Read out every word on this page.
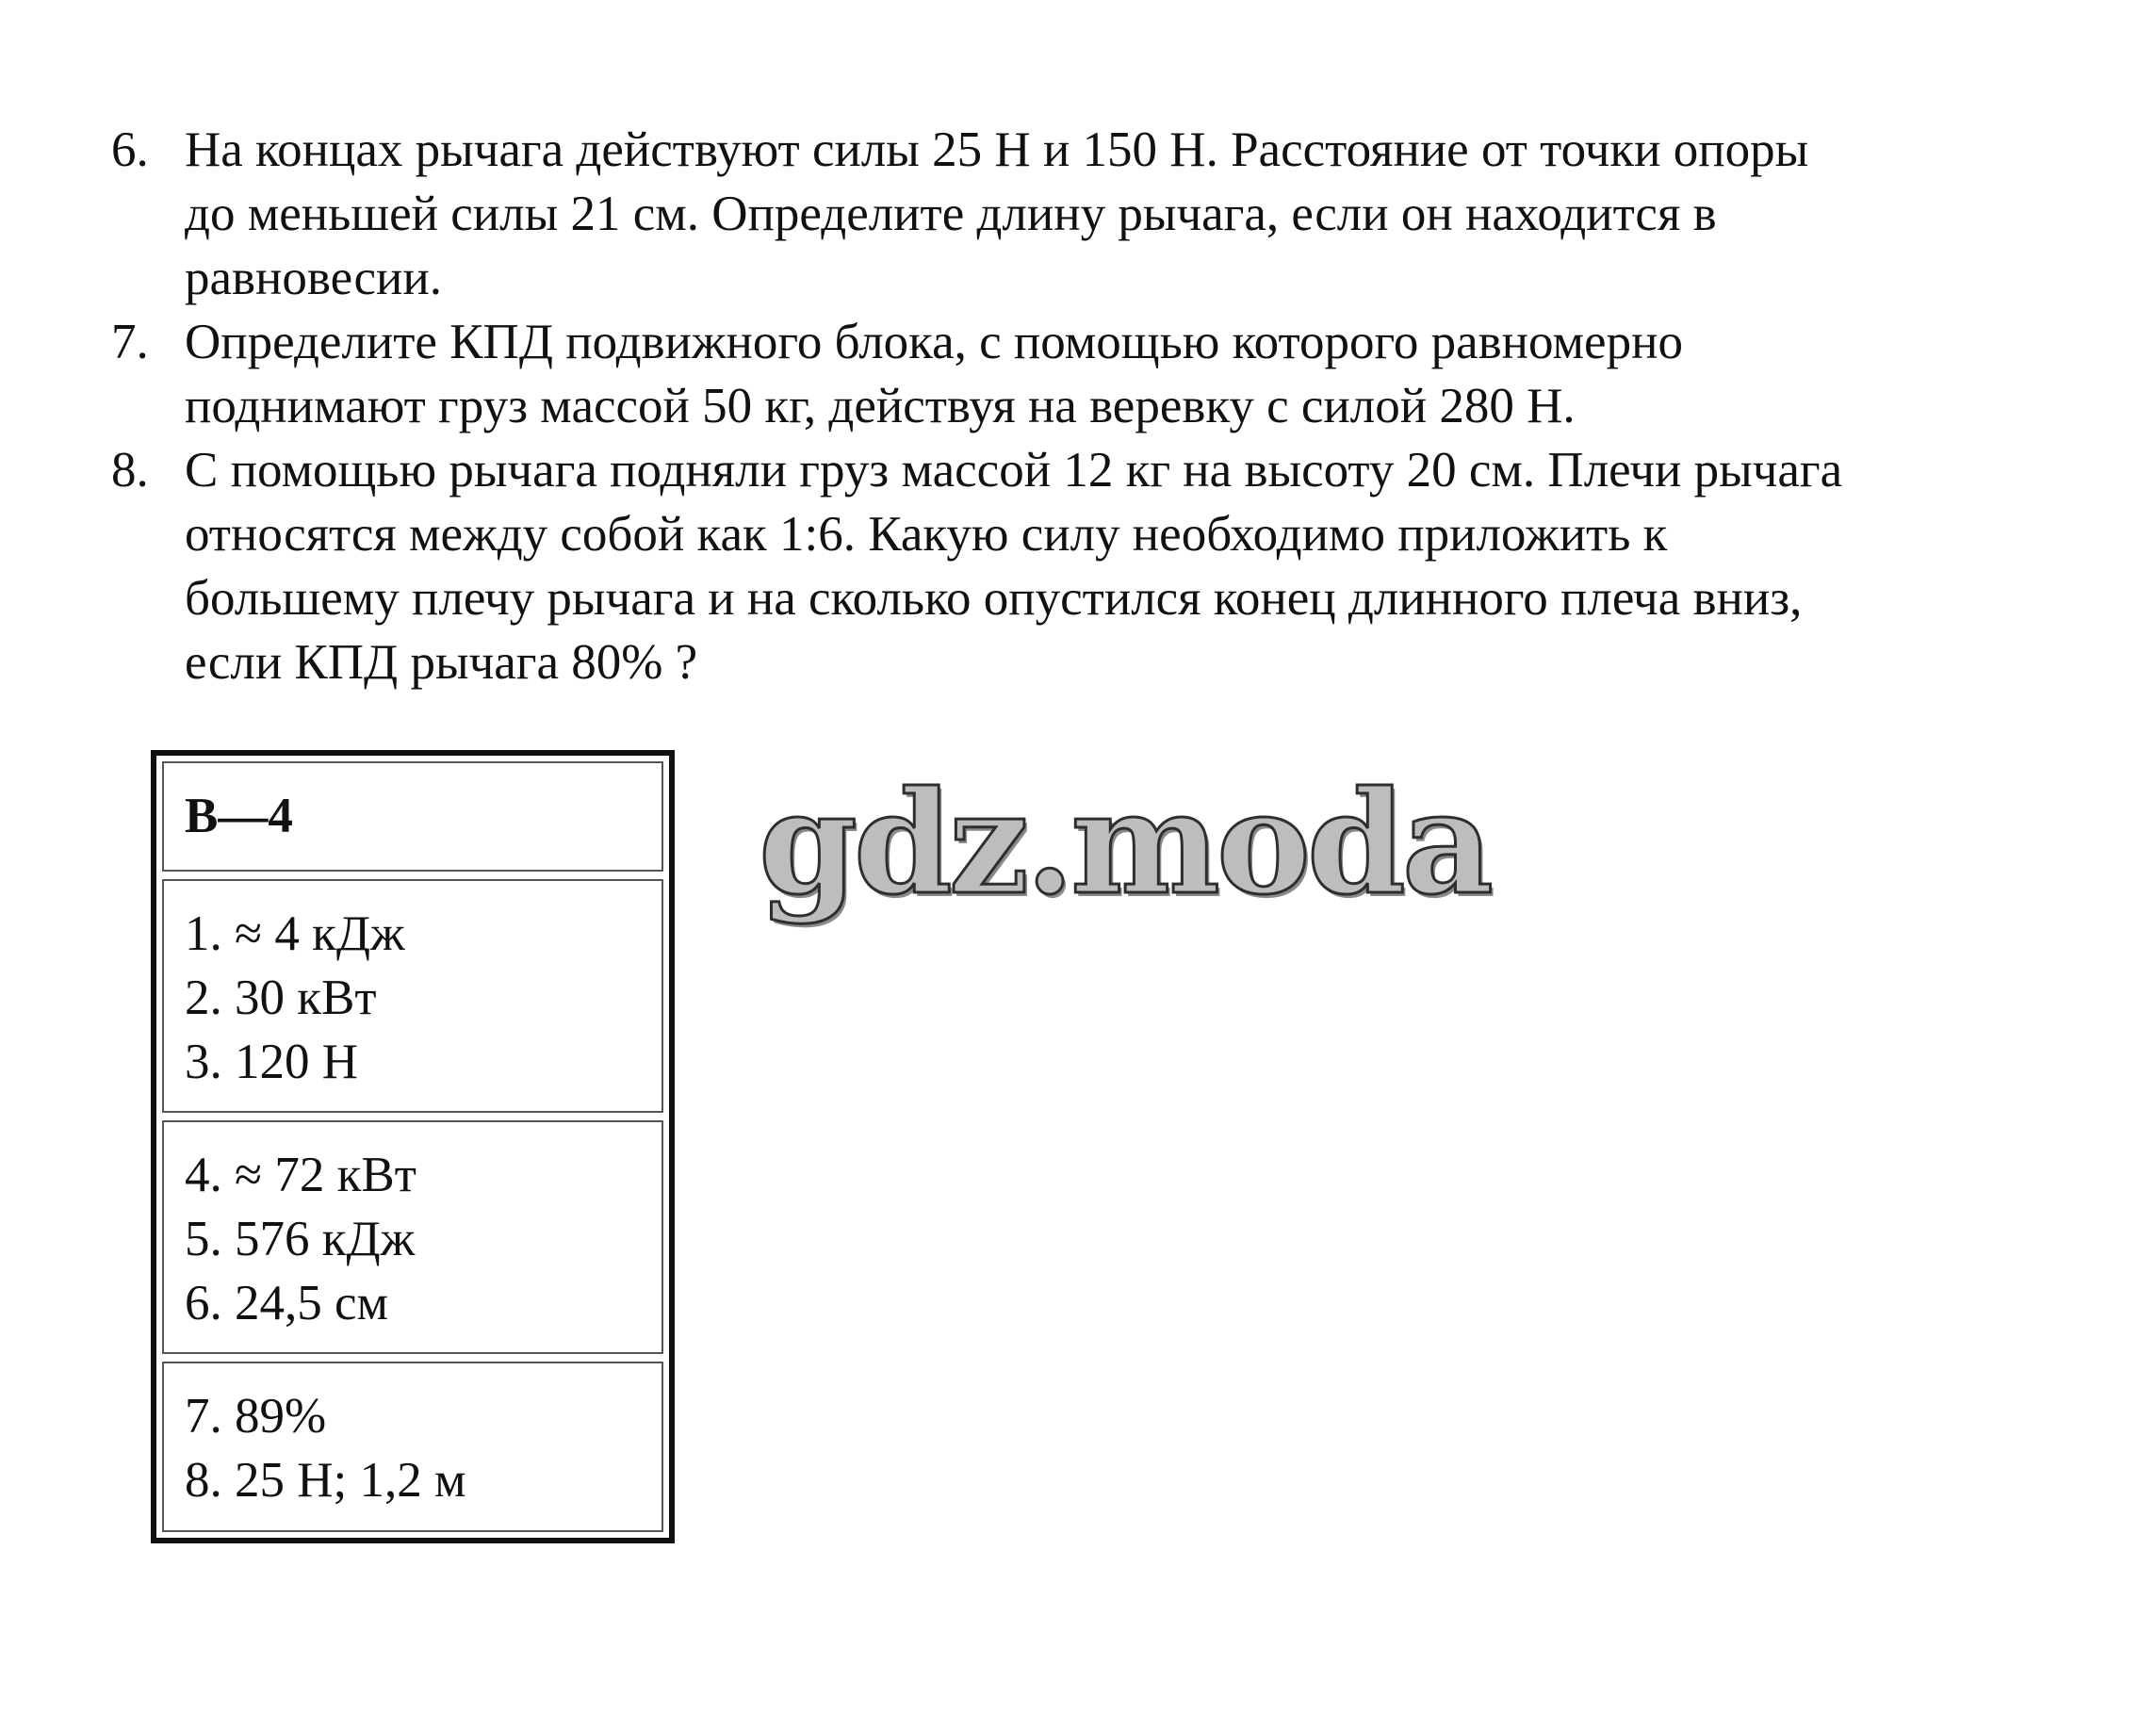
6. На концах рычага действуют силы 25 Н и 150 Н. Расстояние от точки опоры
до меньшей силы 21 см. Определите длину рычага, если он находится в
равновесии.
7. Определите КПД подвижного блока, с помощью которого равномерно
поднимают груз массой 50 кг, действуя на веревку с силой 280 Н.
8. С помощью рычага подняли груз массой 12 кг на высоту 20 см. Плечи рычага
относятся между собой как 1:6. Какую силу необходимо приложить к
большему плечу рычага и на сколько опустился конец длинного плеча вниз,
если КПД рычага 80% ?
В—4
1. ≈ 4 кДж
2. 30 кВт
3. 120 Н
4. ≈ 72 кВт
5. 576 кДж
6. 24,5 см
7. 89%
8. 25 Н; 1,2 м
gdz.moda
